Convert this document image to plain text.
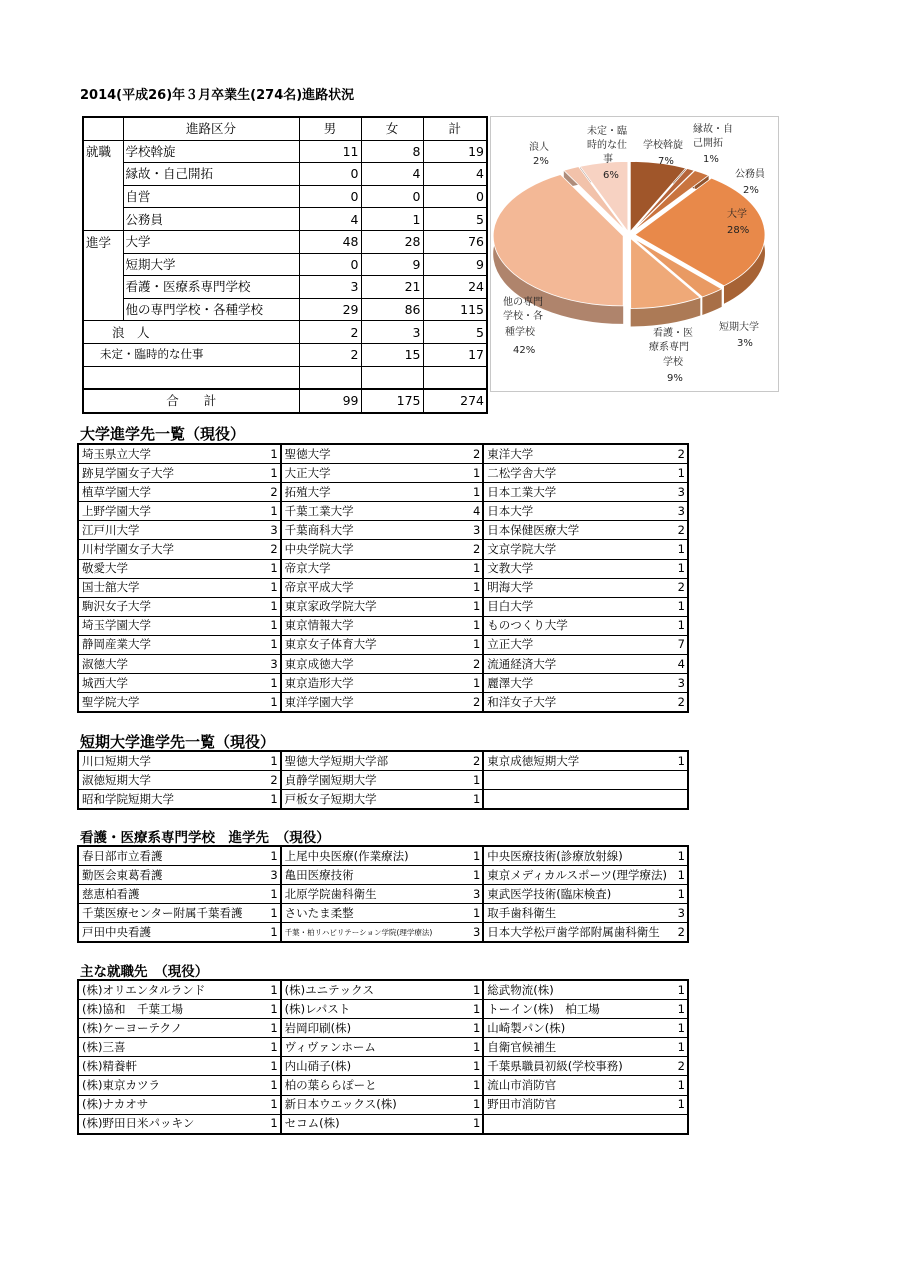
2014(平成26)年３月卒業生(274名)進路状況
	進路区分	男	女	計
就職	学校斡旋	11	8	19
	縁故・自己開拓	0	4	4
	自営	0	0	0
	公務員	4	1	5
進学	大学	48	28	76
	短期大学	0	9	9
	看護・医療系専門学校	3	21	24
	他の専門学校・各種学校	29	86	115
浪　人		2	3	5
未定・臨時的な仕事		2	15	17

合　　計		99	175	274
浪人
2%
未定・臨
時的な仕
事
6%
学校斡旋
7%
縁故・自
己開拓
1%
公務員
2%
大学
28%
短期大学
3%
看護・医
療系専門
学校
9%
他の専門
学校・各
種学校
42%
大学進学先一覧（現役）
埼玉県立大学	1	聖徳大学	2	東洋大学	2
跡見学園女子大学	1	大正大学	1	二松学舎大学	1
植草学園大学	2	拓殖大学	1	日本工業大学	3
上野学園大学	1	千葉工業大学	4	日本大学	3
江戸川大学	3	千葉商科大学	3	日本保健医療大学	2
川村学園女子大学	2	中央学院大学	2	文京学院大学	1
敬愛大学	1	帝京大学	1	文教大学	1
国士舘大学	1	帝京平成大学	1	明海大学	2
駒沢女子大学	1	東京家政学院大学	1	目白大学	1
埼玉学園大学	1	東京情報大学	1	ものつくり大学	1
静岡産業大学	1	東京女子体育大学	1	立正大学	7
淑徳大学	3	東京成徳大学	2	流通経済大学	4
城西大学	1	東京造形大学	1	麗澤大学	3
聖学院大学	1	東洋学園大学	2	和洋女子大学	2
短期大学進学先一覧（現役）
川口短期大学	1	聖徳大学短期大学部	2	東京成徳短期大学	1
淑徳短期大学	2	貞静学園短期大学	1		
昭和学院短期大学	1	戸板女子短期大学	1		
看護・医療系専門学校　進学先　（現役）
春日部市立看護	1	上尾中央医療(作業療法)	1	中央医療技術(診療放射線)	1
勤医会東葛看護	3	亀田医療技術	1	東京メディカルスポーツ(理学療法)	1
慈恵柏看護	1	北原学院歯科衛生	3	東武医学技術(臨床検査)	1
千葉医療センター附属千葉看護	1	さいたま柔整	1	取手歯科衛生	3
戸田中央看護	1	千葉・柏リハビリテーション学院(理学療法)	3	日本大学松戸歯学部附属歯科衛生	2
主な就職先　（現役）
(株)オリエンタルランド	1	(株)ユニテックス	1	総武物流(株)	1
(株)協和　千葉工場	1	(株)レパスト	1	トーイン(株)　柏工場	1
(株)ケーヨーテクノ	1	岩岡印刷(株)	1	山崎製パン(株)	1
(株)三喜	1	ヴィヴァンホーム	1	自衛官候補生	1
(株)精養軒	1	内山硝子(株)	1	千葉県職員初級(学校事務)	2
(株)東京カツラ	1	柏の葉ららぽーと	1	流山市消防官	1
(株)ナカオサ	1	新日本ウエックス(株)	1	野田市消防官	1
(株)野田日米パッキン	1	セコム(株)	1		
